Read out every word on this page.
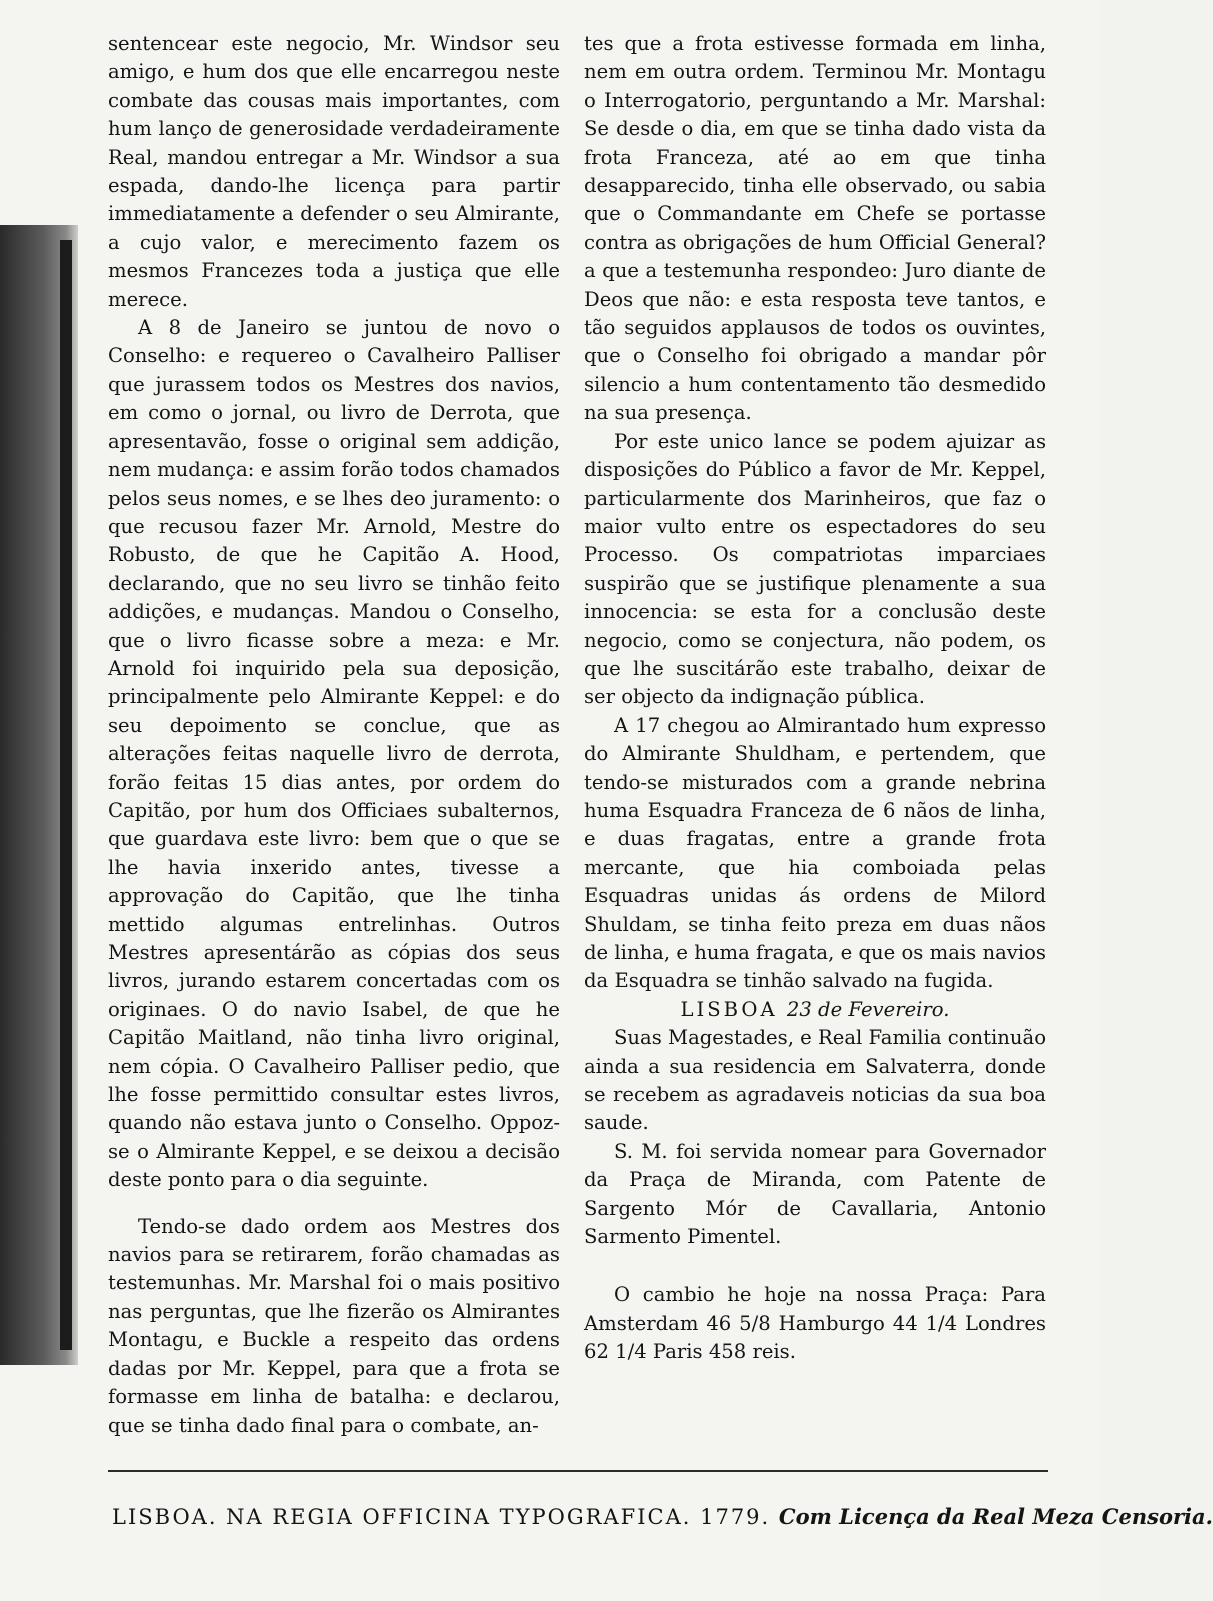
sentencear este negocio, Mr. Windsor seu amigo, e hum dos que elle encarregou neste combate das cousas mais importantes, com hum lanço de generosidade verdadeiramente Real, mandou entregar a Mr. Windsor a sua espada, dando-lhe licença para partir immediatamente a defender o seu Almirante, a cujo valor, e merecimento fazem os mesmos Francezes toda a justiça que elle merece.

A 8 de Janeiro se juntou de novo o Conselho: e requereo o Cavalheiro Palliser que jurassem todos os Mestres dos navios, em como o jornal, ou livro de Derrota, que apresentavão, fosse o original sem addição, nem mudança: e assim forão todos chamados pelos seus nomes, e se lhes deo juramento: o que recusou fazer Mr. Arnold, Mestre do Robusto, de que he Capitão A. Hood, declarando, que no seu livro se tinhão feito addições, e mudanças. Mandou o Conselho, que o livro ficasse sobre a meza: e Mr. Arnold foi inquirido pela sua deposição, principalmente pelo Almirante Keppel: e do seu depoimento se conclue, que as alterações feitas naquelle livro de derrota, forão feitas 15 dias antes, por ordem do Capitão, por hum dos Officiaes subalternos, que guardava este livro: bem que o que se lhe havia inxerido antes, tivesse a approvação do Capitão, que lhe tinha mettido algumas entrelinhas. Outros Mestres apresentárão as cópias dos seus livros, jurando estarem concertadas com os originaes. O do navio Isabel, de que he Capitão Maitland, não tinha livro original, nem cópia. O Cavalheiro Palliser pedio, que lhe fosse permittido consultar estes livros, quando não estava junto o Conselho. Oppoz-se o Almirante Keppel, e se deixou a decisão deste ponto para o dia seguinte.

Tendo-se dado ordem aos Mestres dos navios para se retirarem, forão chamadas as testemunhas. Mr. Marshal foi o mais positivo nas perguntas, que lhe fizerão os Almirantes Montagu, e Buckle a respeito das ordens dadas por Mr. Keppel, para que a frota se formasse em linha de batalha: e declarou, que se tinha dado final para o combate, an-

tes que a frota estivesse formada em linha, nem em outra ordem. Terminou Mr. Montagu o Interrogatorio, perguntando a Mr. Marshal: Se desde o dia, em que se tinha dado vista da frota Franceza, até ao em que tinha desapparecido, tinha elle observado, ou sabia que o Commandante em Chefe se portasse contra as obrigações de hum Official General? a que a testemunha respondeo: Juro diante de Deos que não: e esta resposta teve tantos, e tão seguidos applausos de todos os ouvintes, que o Conselho foi obrigado a mandar pôr silencio a hum contentamento tão desmedido na sua presença.

Por este unico lance se podem ajuizar as disposições do Público a favor de Mr. Keppel, particularmente dos Marinheiros, que faz o maior vulto entre os espectadores do seu Processo. Os compatriotas imparciaes suspirão que se justifique plenamente a sua innocencia: se esta for a conclusão deste negocio, como se conjectura, não podem, os que lhe suscitárão este trabalho, deixar de ser objecto da indignação pública.

A 17 chegou ao Almirantado hum expresso do Almirante Shuldham, e pertendem, que tendo-se misturados com a grande nebrina huma Esquadra Franceza de 6 nãos de linha, e duas fragatas, entre a grande frota mercante, que hia comboiada pelas Esquadras unidas ás ordens de Milord Shuldam, se tinha feito preza em duas nãos de linha, e huma fragata, e que os mais navios da Esquadra se tinhão salvado na fugida.

LISBOA 23 de Fevereiro.

Suas Magestades, e Real Familia continuão ainda a sua residencia em Salvaterra, donde se recebem as agradaveis noticias da sua boa saude.

S. M. foi servida nomear para Governador da Praça de Miranda, com Patente de Sargento Mór de Cavallaria, Antonio Sarmento Pimentel.

O cambio he hoje na nossa Praça: Para Amsterdam 46 5/8 Hamburgo 44 1/4 Londres 62 1/4 Paris 458 reis.

LISBOA. NA REGIA OFFICINA TYPOGRAFICA. 1779. Com Licença da Real Meza Censoria.
